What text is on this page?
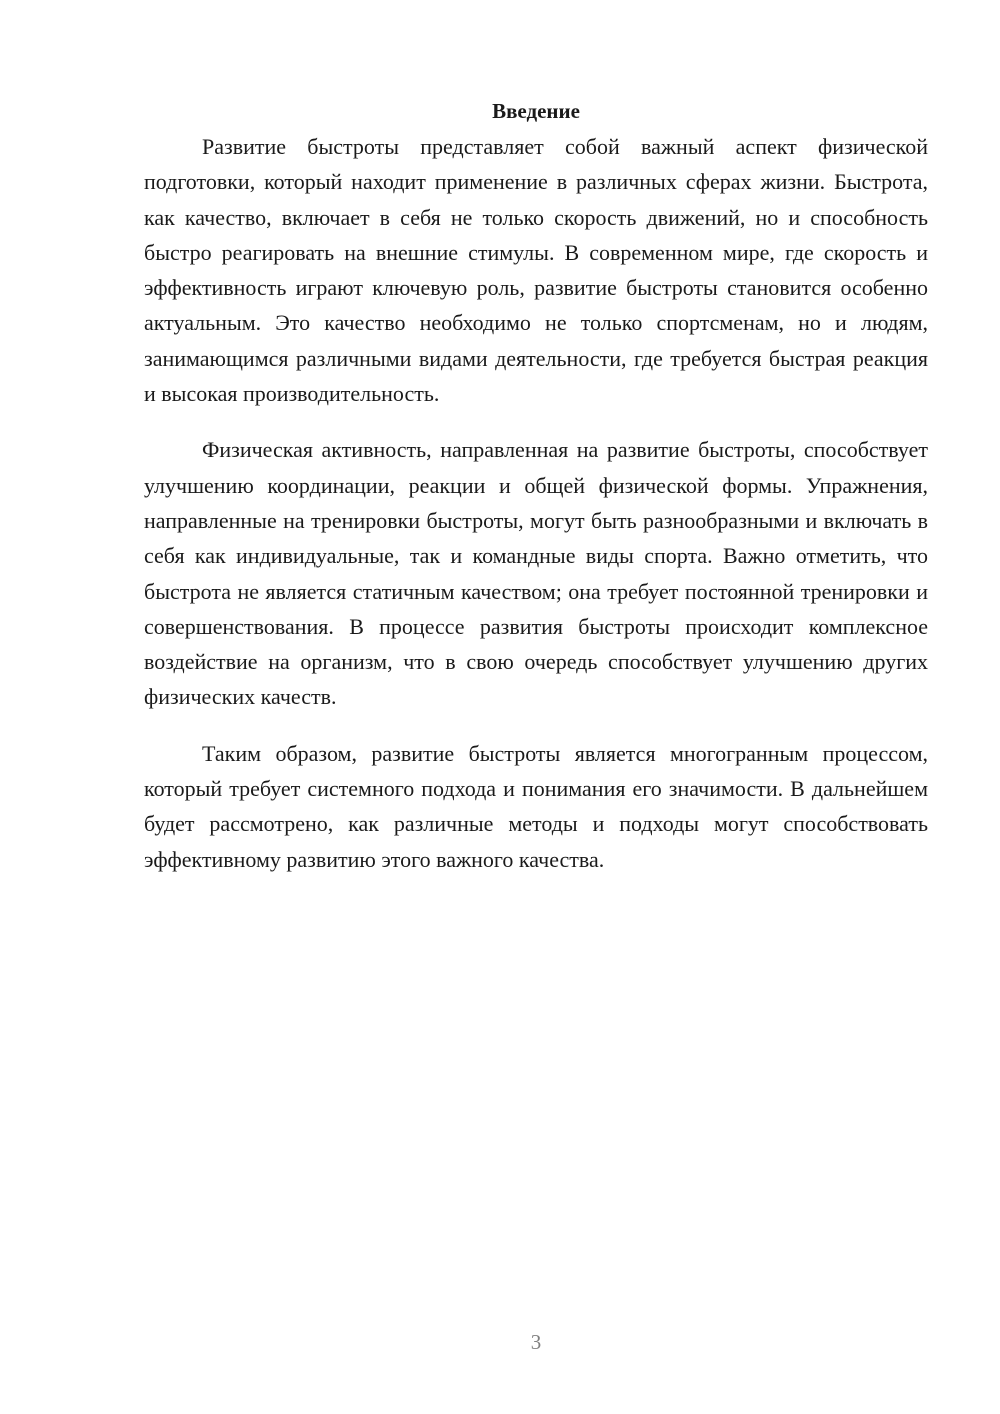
Введение

Развитие быстроты представляет собой важный аспект физической подготовки, который находит применение в различных сферах жизни. Быстрота, как качество, включает в себя не только скорость движений, но и способность быстро реагировать на внешние стимулы. В современном мире, где скорость и эффективность играют ключевую роль, развитие быстроты становится особенно актуальным. Это качество необходимо не только спортсменам, но и людям, занимающимся различными видами деятельности, где требуется быстрая реакция и высокая производительность.

Физическая активность, направленная на развитие быстроты, способствует улучшению координации, реакции и общей физической формы. Упражнения, направленные на тренировки быстроты, могут быть разнообразными и включать в себя как индивидуальные, так и командные виды спорта. Важно отметить, что быстрота не является статичным качеством; она требует постоянной тренировки и совершенствования. В процессе развития быстроты происходит комплексное воздействие на организм, что в свою очередь способствует улучшению других физических качеств.

Таким образом, развитие быстроты является многогранным процессом, который требует системного подхода и понимания его значимости. В дальнейшем будет рассмотрено, как различные методы и подходы могут способствовать эффективному развитию этого важного качества.

3
